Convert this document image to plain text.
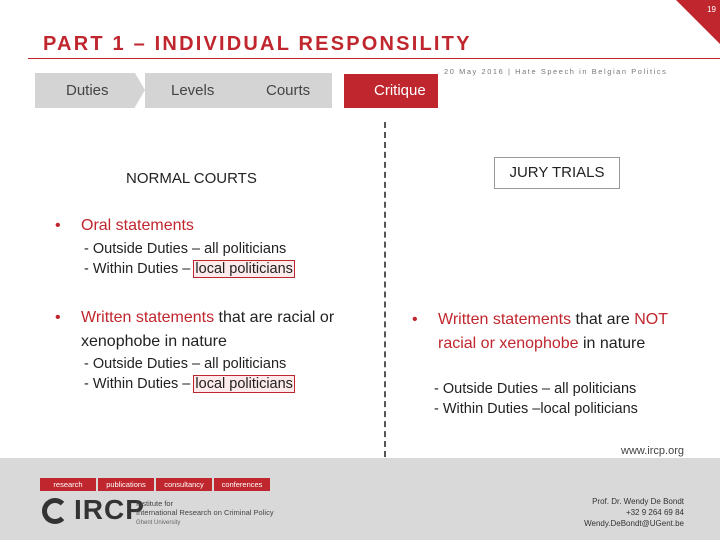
19
PART 1 – INDIVIDUAL RESPONSILITY
20 May 2016 | Hate Speech in Belgian Politics
Duties	Levels	Courts	Critique
NORMAL COURTS
•	Oral statements
- Outside Duties – all politicians
- Within Duties – local politicians
•	Written statements that are racial or xenophobe in nature
- Outside Duties – all politicians
- Within Duties – local politicians
JURY TRIALS
•	Written statements that are NOT racial or xenophobe in nature
- Outside Duties – all politicians
- Within Duties –local politicians
www.ircp.org
research	publications	consultancy	conferences
IRCP
Institute for
International Research on Criminal Policy
Ghent University
Prof. Dr. Wendy De Bondt
+32 9 264 69 84
Wendy.DeBondt@UGent.be
